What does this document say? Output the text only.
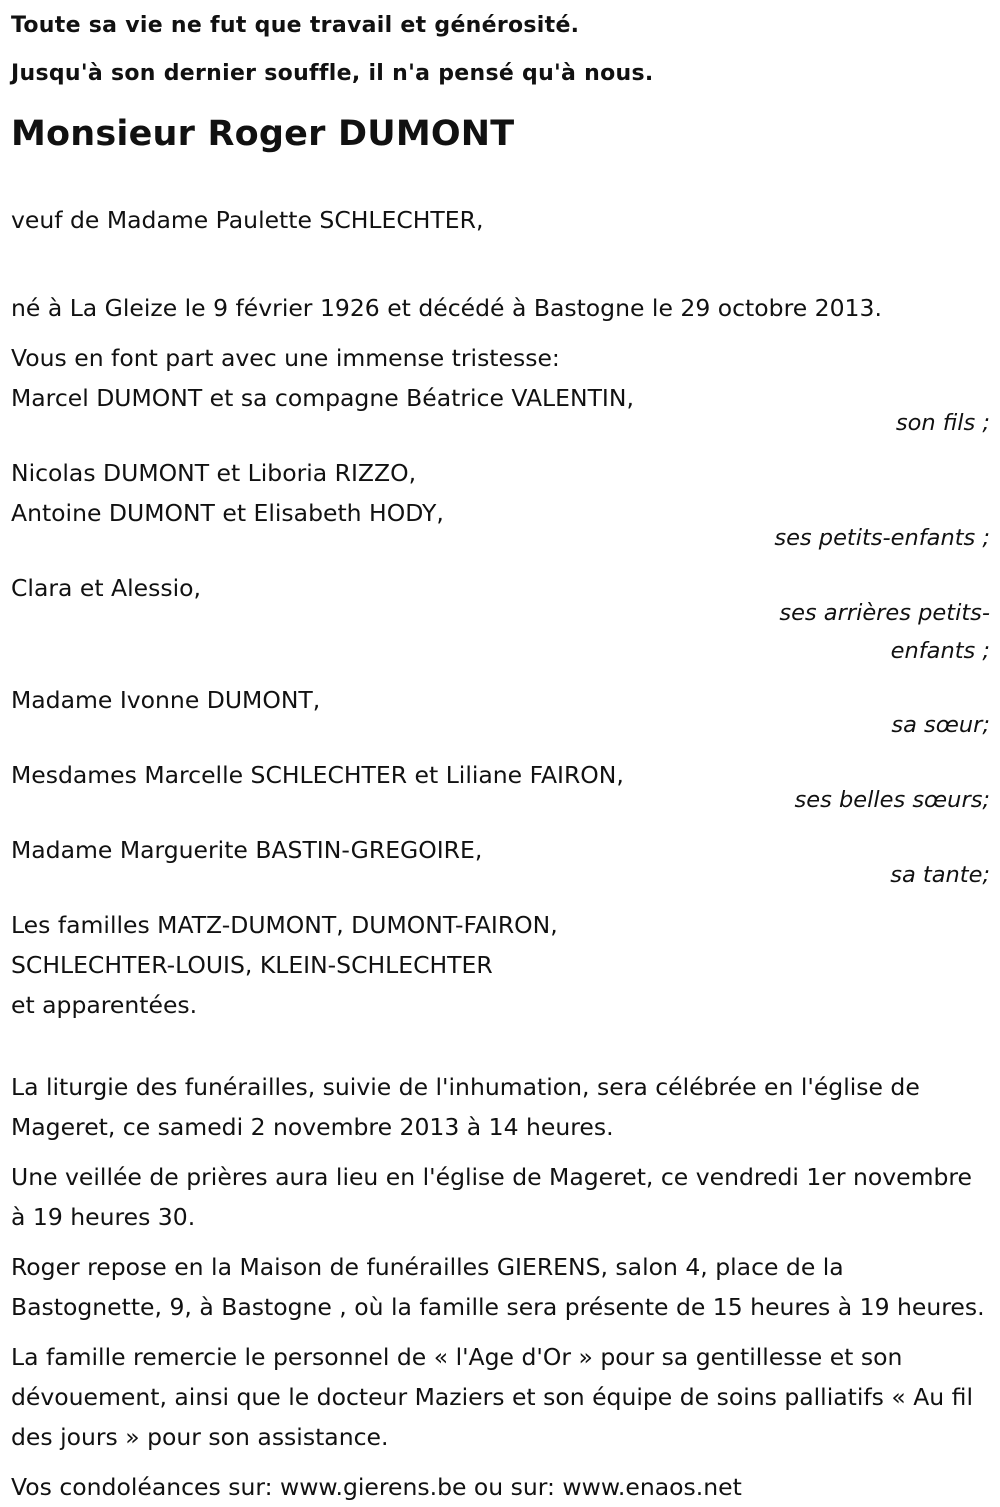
Toute sa vie ne fut que travail et générosité.
Jusqu'à son dernier souffle, il n'a pensé qu'à nous.
Monsieur Roger DUMONT
veuf de Madame Paulette SCHLECHTER,
né à La Gleize le 9 février 1926 et décédé à Bastogne le 29 octobre 2013.
Vous en font part avec une immense tristesse:
Marcel DUMONT et sa compagne Béatrice VALENTIN,
son fils ;
Nicolas DUMONT et Liboria RIZZO,
Antoine DUMONT et Elisabeth HODY,
ses petits-enfants ;
Clara et Alessio,
ses arrières petits-
enfants ;
Madame Ivonne DUMONT,
sa sœur;
Mesdames Marcelle SCHLECHTER et Liliane FAIRON,
ses belles sœurs;
Madame Marguerite BASTIN-GREGOIRE,
sa tante;
Les familles MATZ-DUMONT, DUMONT-FAIRON,
SCHLECHTER-LOUIS, KLEIN-SCHLECHTER
et apparentées.
La liturgie des funérailles, suivie de l'inhumation, sera célébrée en l'église de Mageret, ce samedi 2 novembre 2013 à 14 heures.
Une veillée de prières aura lieu en l'église de Mageret, ce vendredi 1er novembre à 19 heures 30.
Roger repose en la Maison de funérailles GIERENS, salon 4, place de la Bastognette, 9, à Bastogne , où la famille sera présente de 15 heures à 19 heures.
La famille remercie le personnel de « l'Age d'Or » pour sa gentillesse et son dévouement, ainsi que le docteur Maziers et son équipe de soins palliatifs « Au fil des jours » pour son assistance.
Vos condoléances sur: www.gierens.be ou sur: www.enaos.net
